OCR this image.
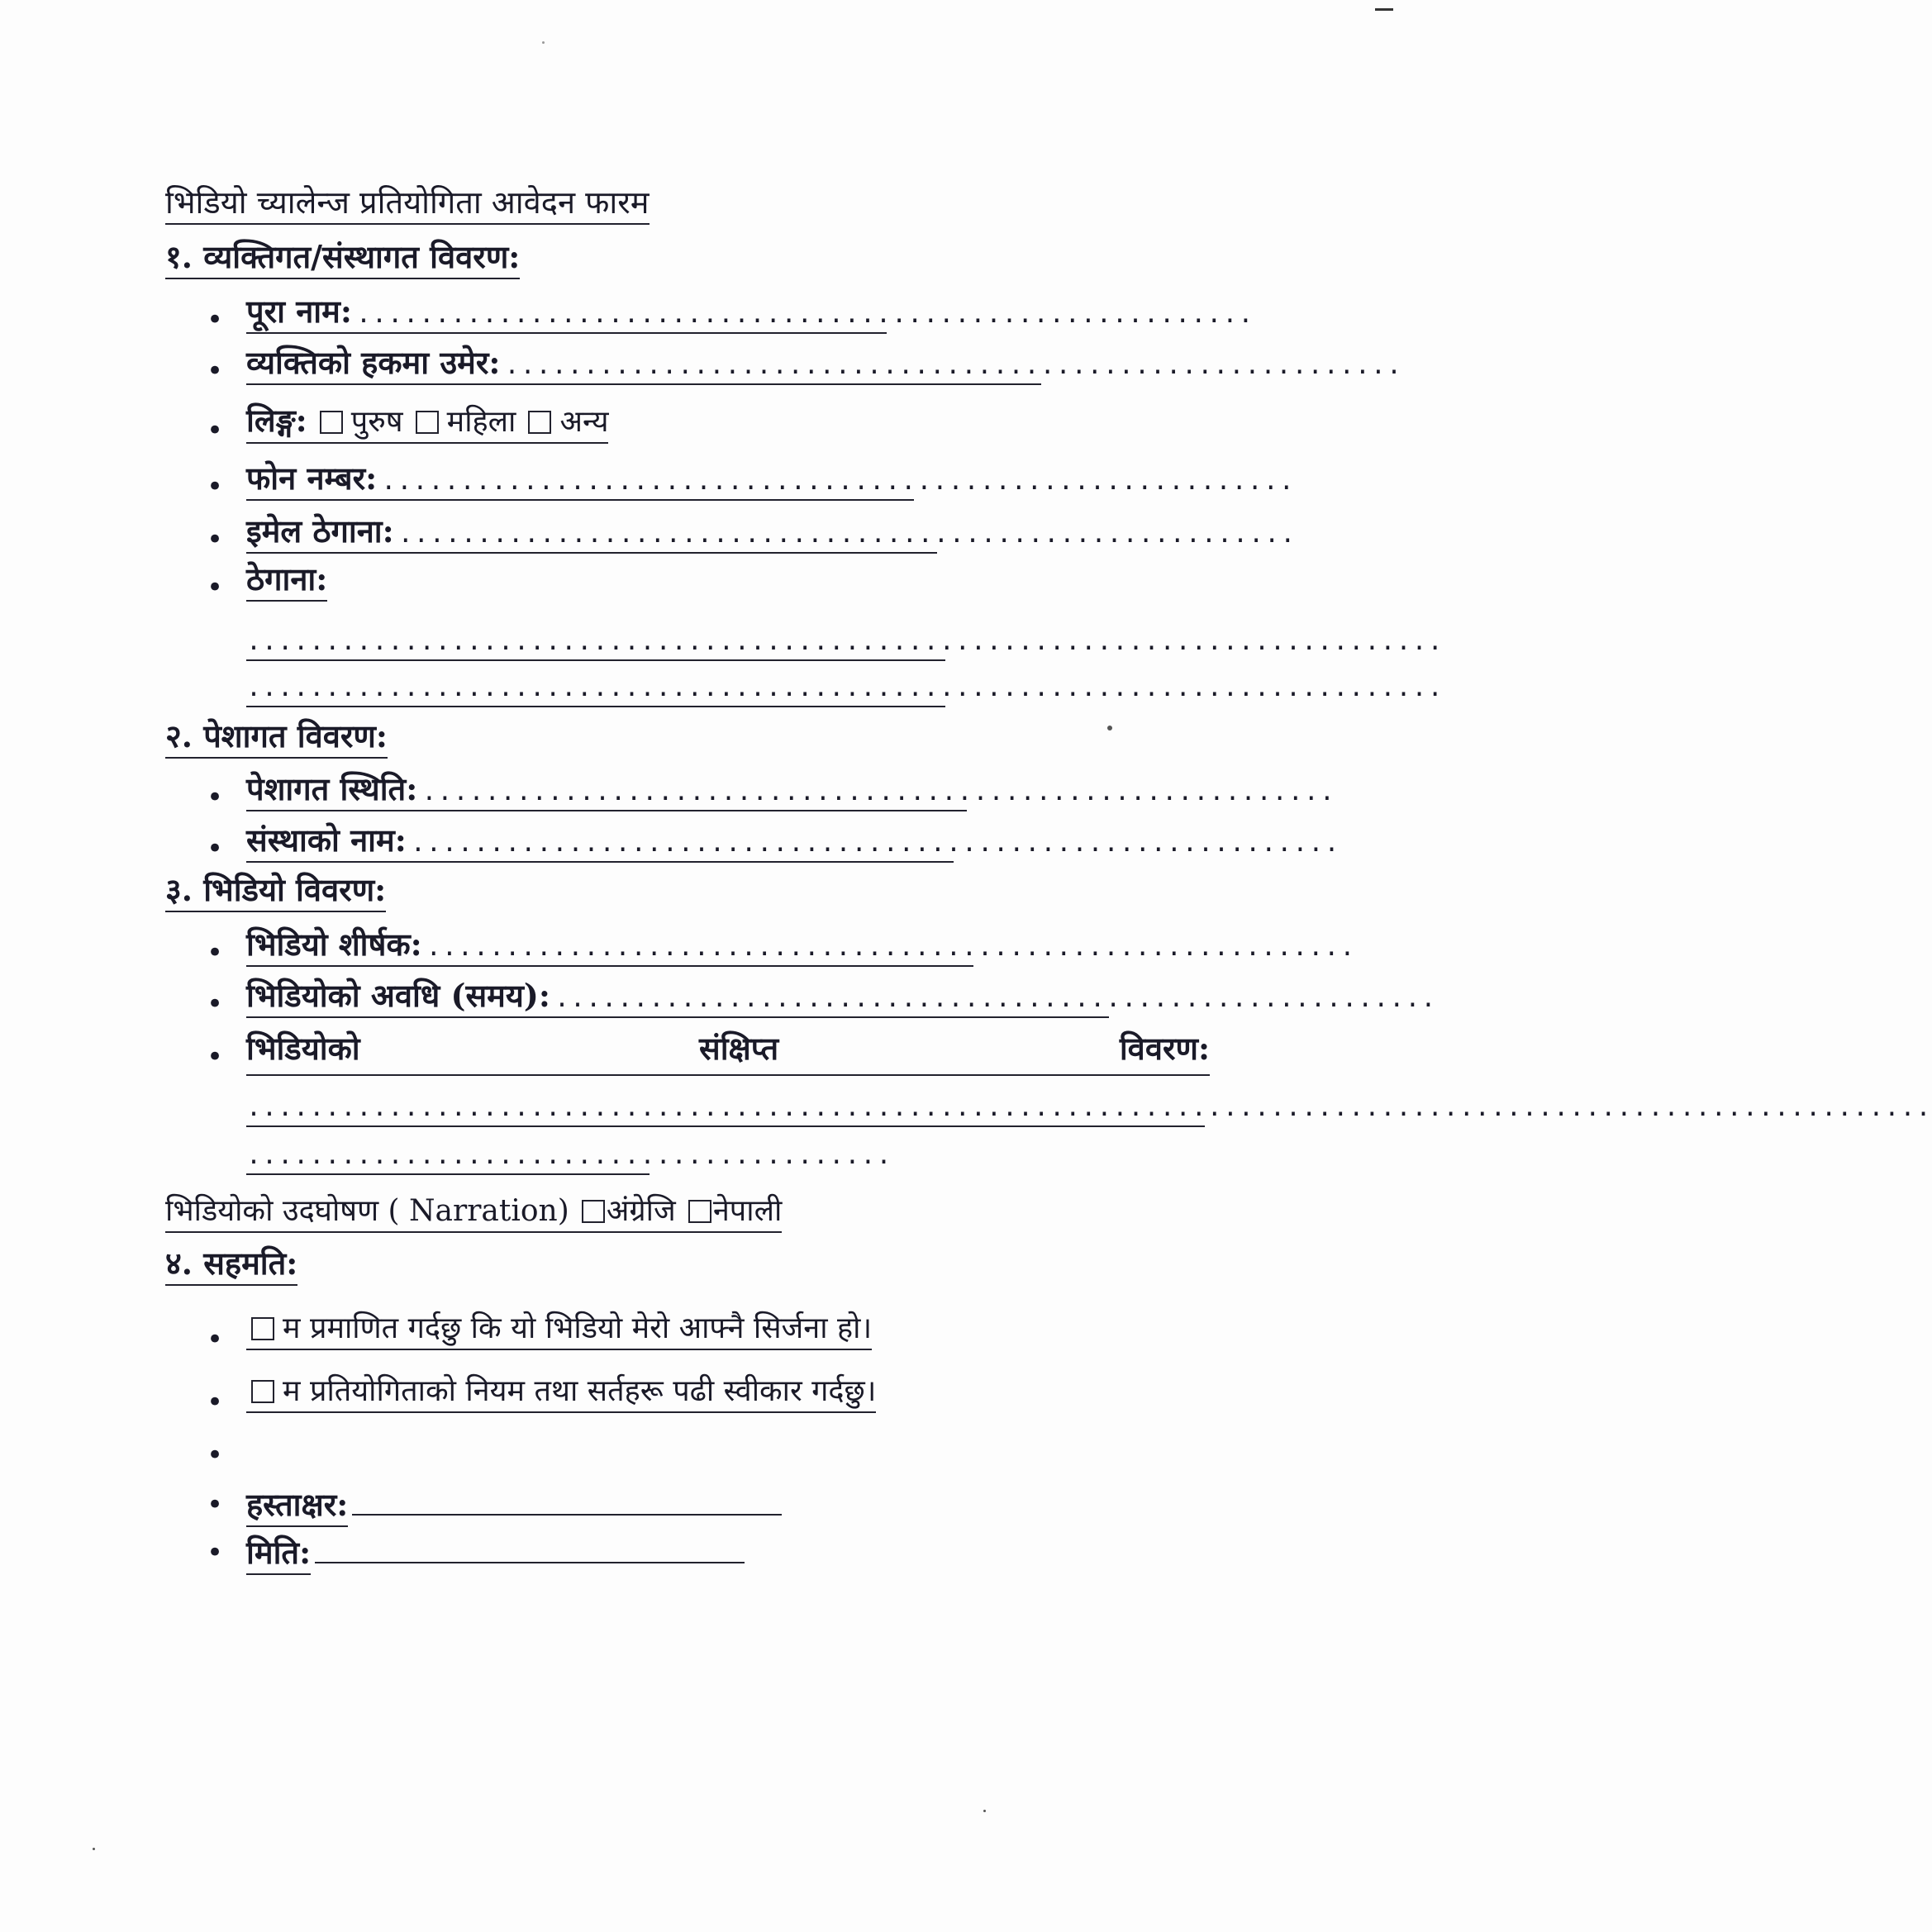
भिडियो च्यालेन्ज प्रतियोगिता आवेदन फारम
१. व्यक्तिगत/संस्थागत विवरण:
• पूरा नाम: .........................................................
• व्यक्तिको हकमा उमेर: .........................................................
• लिङ्ग: पुरुष महिला अन्य
• फोन नम्बर: ..........................................................
• इमेल ठेगाना: .........................................................
• ठेगाना:
............................................................................
............................................................................
२. पेशागत विवरण:
• पेशागत स्थिति: ..........................................................
• संस्थाको नाम: ...........................................................
३. भिडियो विवरण:
• भिडियो शीर्षक: ...........................................................
• भिडियोको अवधि (समय): ........................................................
• भिडियोको	संक्षिप्त	विवरण:
...........................................................................................................
.........................................
भिडियोको उदघोषण ( Narration) अंग्रेजि नेपाली
४. सहमति:
•	म प्रमाणित गर्दछु कि यो भिडियो मेरो आफ्नै सिर्जना हो।
•	म प्रतियोगिताको नियम तथा सर्तहरू पढी स्वीकार गर्दछु।
•
• हस्ताक्षर:
• मिति:
